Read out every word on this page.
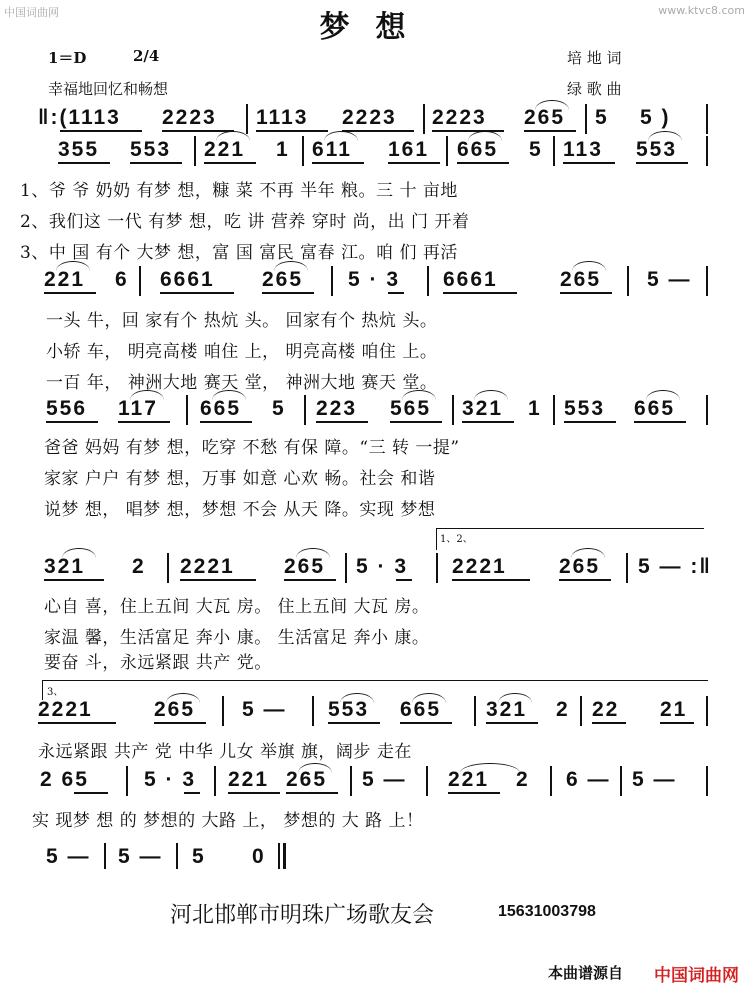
中国词曲网	www.ktvc8.com
梦想
1＝D	2/4	培 地 词
绿 歌 曲
幸福地回忆和畅想
‖:(1113 2223 1113 2223 2223 265 5 5 )
355 553 221 1 611 161 665 5 113 553
1、爷 爷 奶奶 有梦 想，糠 菜 不再 半年 粮。三 十 亩地
2、我们这 一代 有梦 想，吃 讲 营养 穿时 尚，出 门 开着
3、中 国 有个 大梦 想，富 国 富民 富春 江。咱 们 再活
221 6 6661 265 5 · 3 6661	265 5 —
一头 牛，回 家有个 热炕 头。 回家有个 热炕 头。
小轿 车， 明亮高楼 咱住 上， 明亮高楼 咱住 上。
一百 年， 神洲大地 赛天 堂， 神洲大地 赛天 堂。
556 117 665 5 223 565 321 1 553 665
爸爸 妈妈 有梦 想，吃穿 不愁 有保 障。“三 转 一提”
家家 户户 有梦 想，万事 如意 心欢 畅。社会 和谐
说梦 想， 唱梦 想，梦想 不会 从天 降。实现 梦想
1、2、
321 2 2221 265 5 · 3 2221 265 5 — :‖
心自 喜，住上五间 大瓦 房。 住上五间 大瓦 房。
家温 馨，生活富足 奔小 康。 生活富足 奔小 康。
要奋 斗，永远紧跟 共产 党。
3、
2221	265 5 — 553 665 321 2 22 21
永远紧跟 共产 党 中华 儿女 举旗 旗，阔步 走在
2 65	5 · 3 221 265 5 — 221 2 6 — 5 —
实 现梦 想 的 梦想的 大路 上， 梦想的 大 路 上！
5 — 5 — 5 0
河北邯郸市明珠广场歌友会	15631003798
本曲谱源自 中国词曲网
